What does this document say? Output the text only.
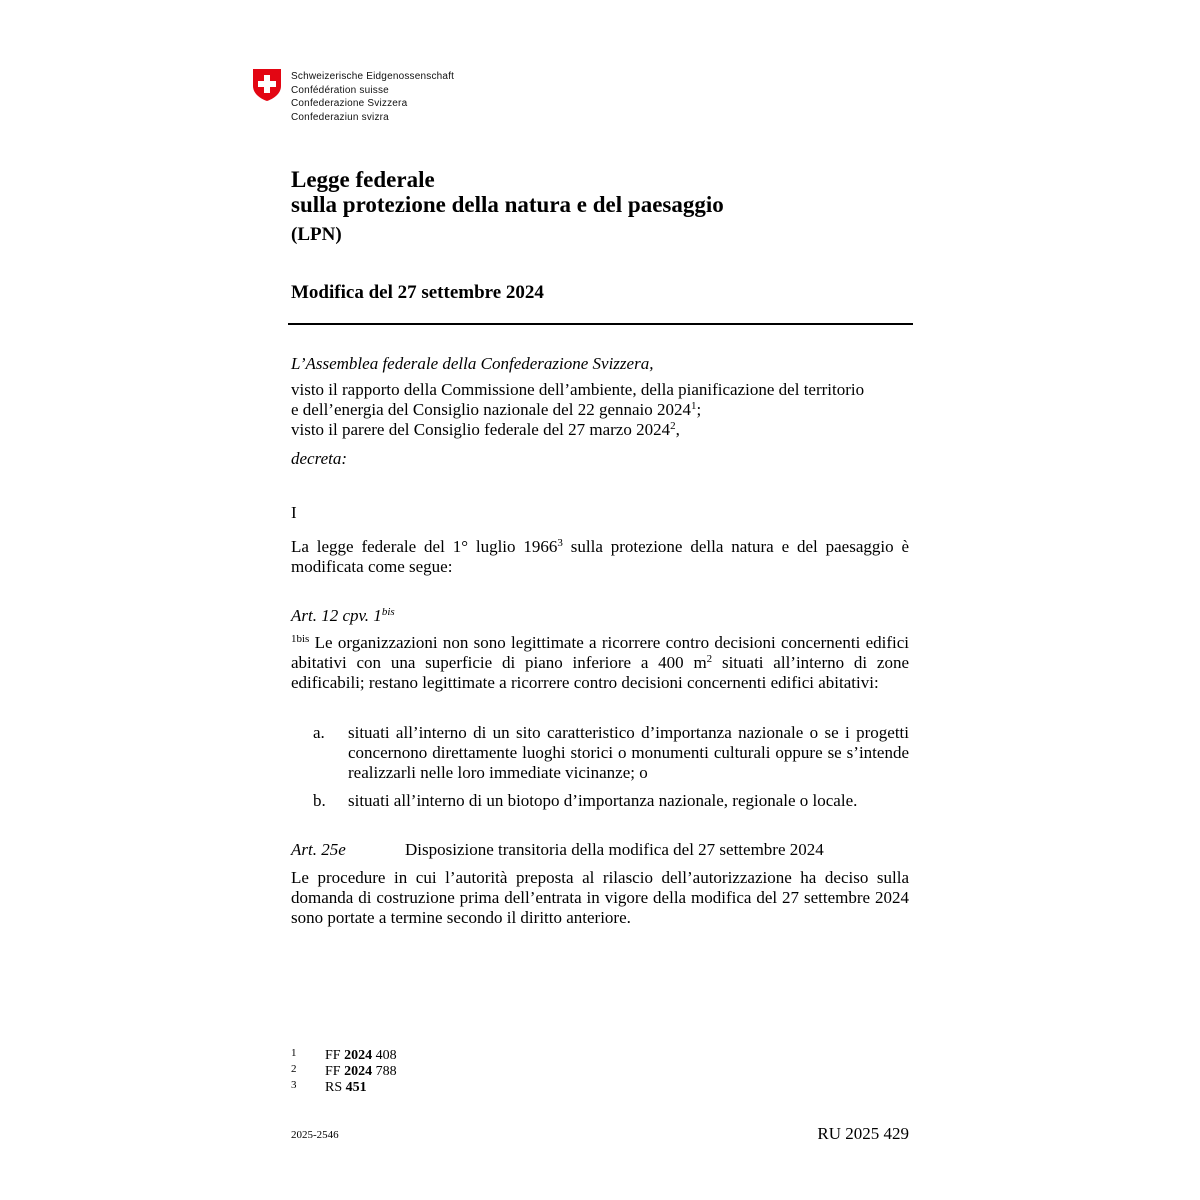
Schweizerische Eidgenossenschaft
Confédération suisse
Confederazione Svizzera
Confederaziun svizra
Legge federale
sulla protezione della natura e del paesaggio
(LPN)
Modifica del 27 settembre 2024
L’Assemblea federale della Confederazione Svizzera,
visto il rapporto della Commissione dell’ambiente, della pianificazione del territorio
e dell’energia del Consiglio nazionale del 22 gennaio 2024$^1$;
visto il parere del Consiglio federale del 27 marzo 2024$^2$,
decreta:
I
La legge federale del 1° luglio 1966$^3$ sulla protezione della natura e del paesaggio è modificata come segue:
Art. 12 cpv. $1^{bis}$
$^{1bis}$ Le organizzazioni non sono legittimate a ricorrere contro decisioni concernenti edifici abitativi con una superficie di piano inferiore a 400 $m^2$ situati all’interno di zone edificabili; restano legittimate a ricorrere contro decisioni concernenti edifici abitativi:
a. situati all’interno di un sito caratteristico d’importanza nazionale o se i progetti concernono direttamente luoghi storici o monumenti culturali oppure se s’intende realizzarli nelle loro immediate vicinanze; o
b. situati all’interno di un biotopo d’importanza nazionale, regionale o locale.
Art. 25e	Disposizione transitoria della modifica del 27 settembre 2024
Le procedure in cui l’autorità preposta al rilascio dell’autorizzazione ha deciso sulla domanda di costruzione prima dell’entrata in vigore della modifica del 27 settembre 2024 sono portate a termine secondo il diritto anteriore.
1 FF 2024 408
2 FF 2024 788
3 RS 451
2025-2546	RU 2025 429
